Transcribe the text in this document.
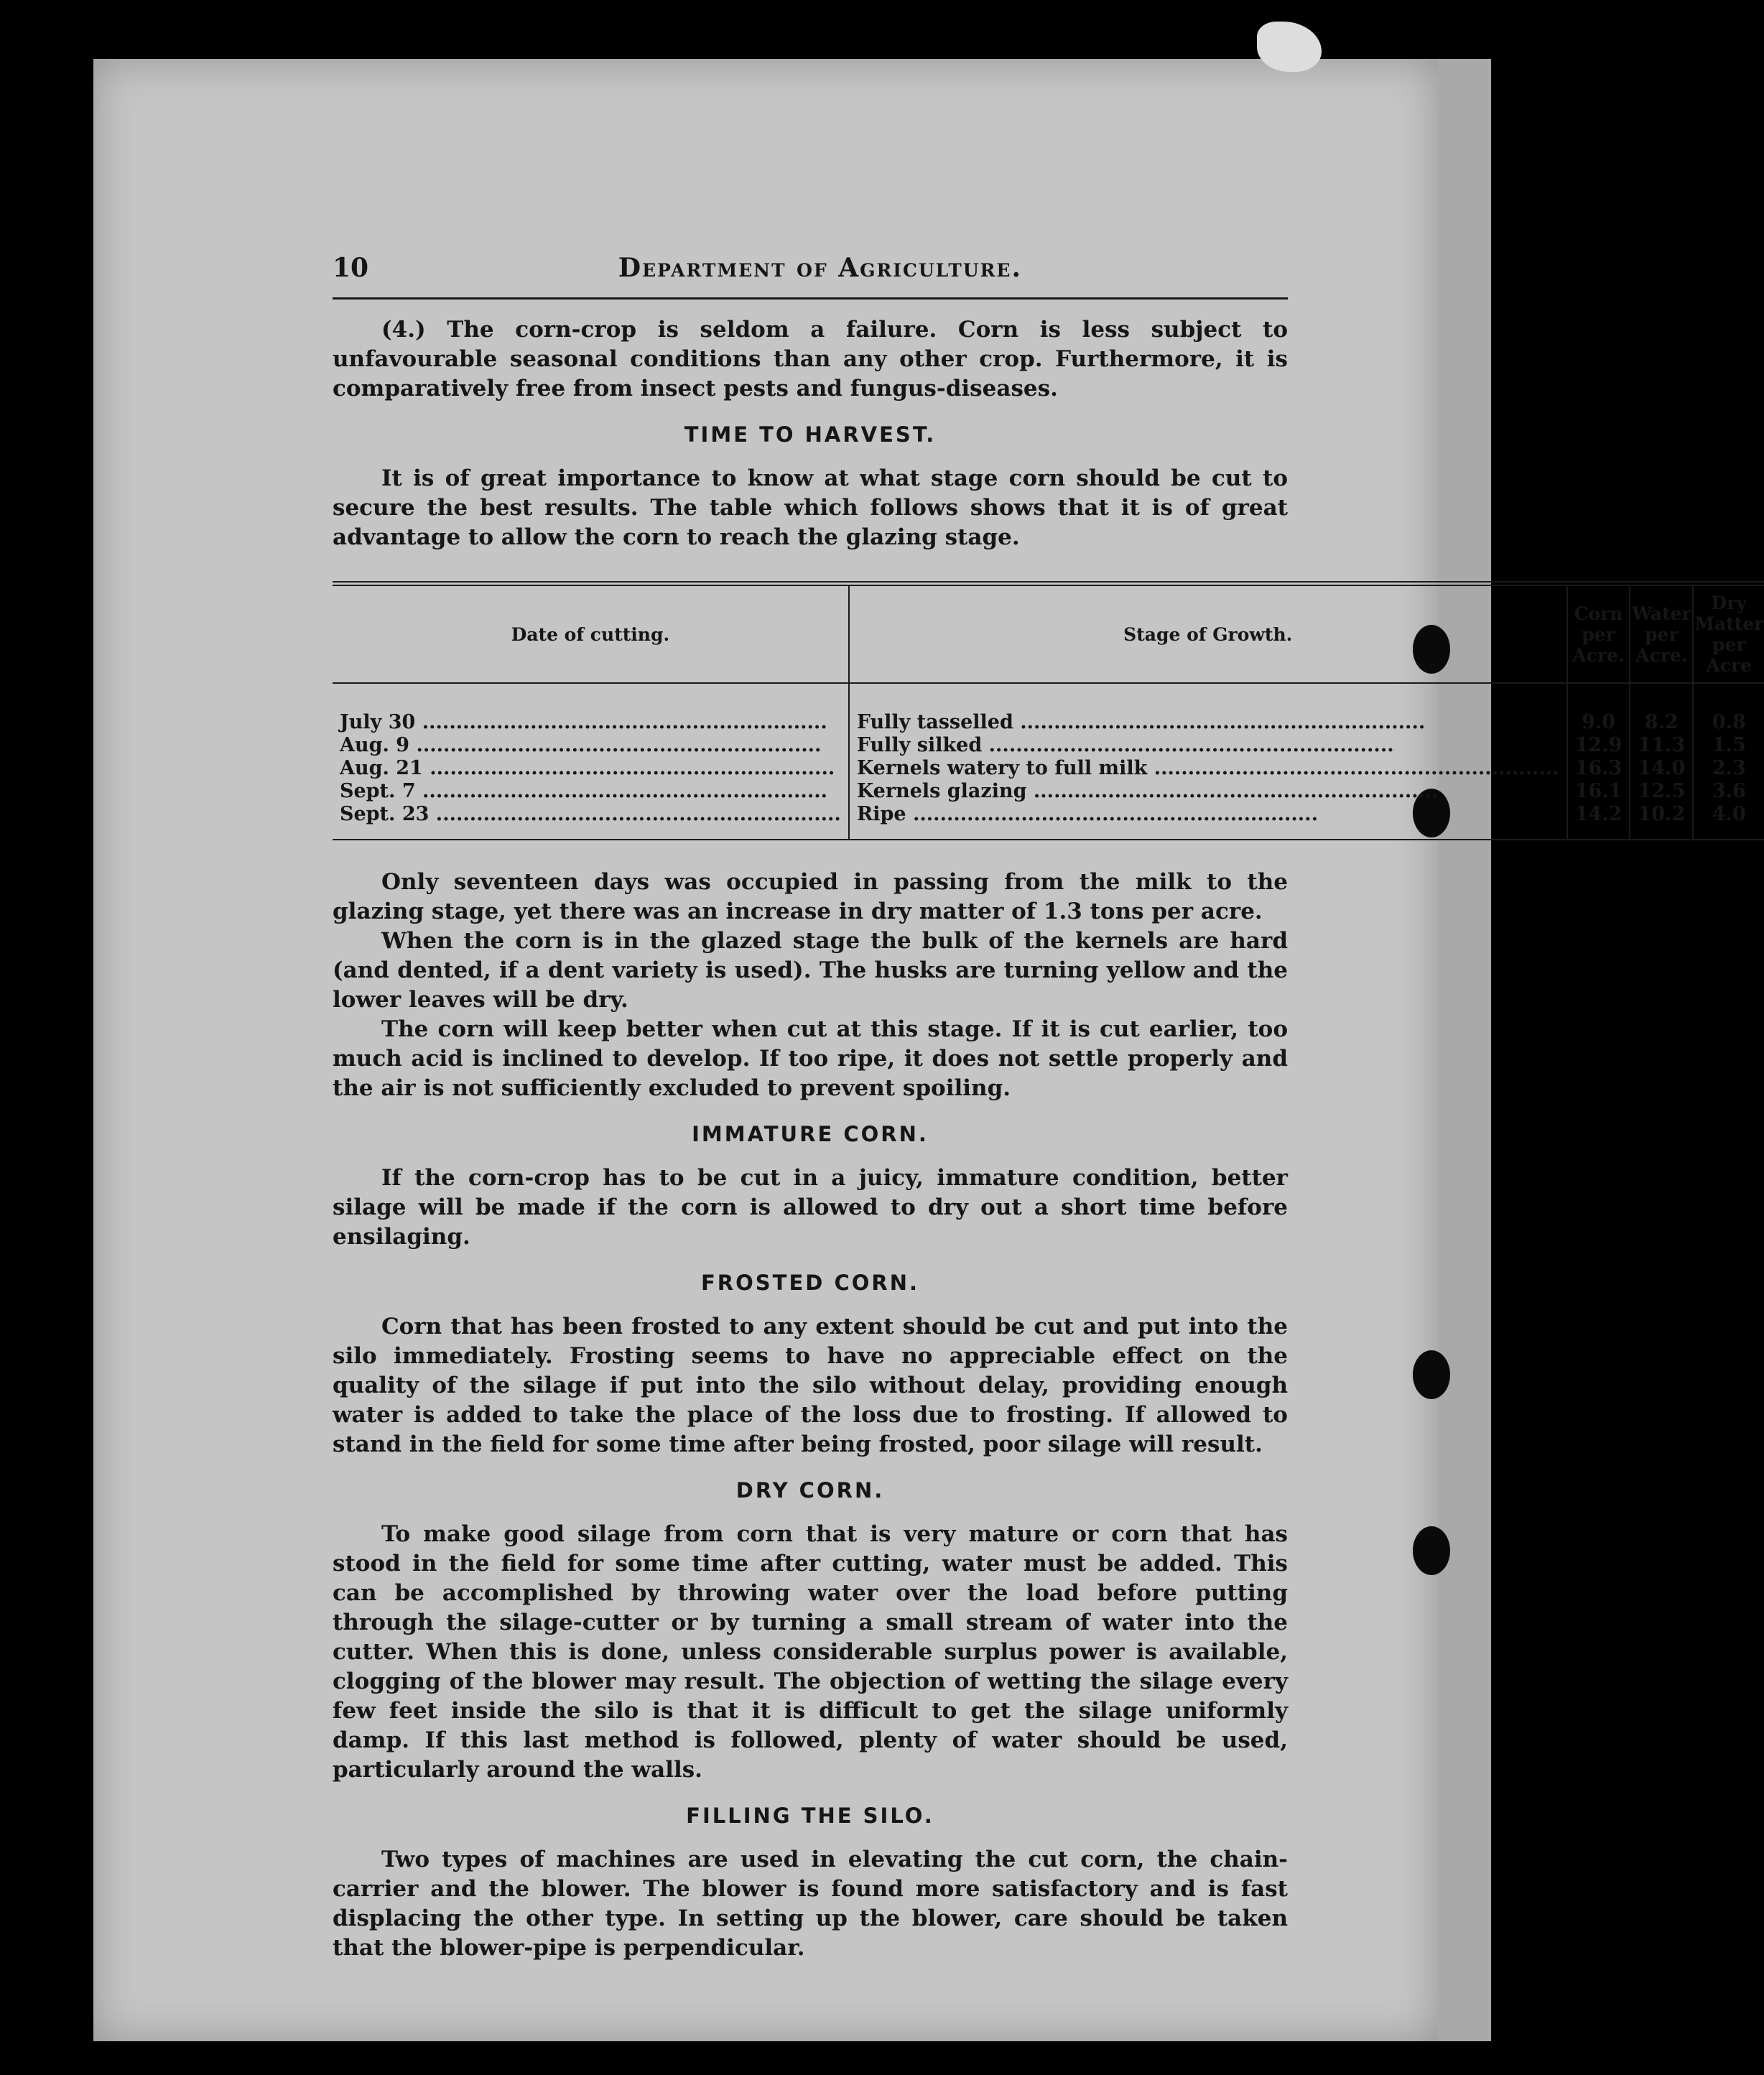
10	Department of Agriculture.

(4.) The corn-crop is seldom a failure. Corn is less subject to unfavourable seasonal conditions than any other crop. Furthermore, it is comparatively free from insect pests and fungus-diseases.

TIME TO HARVEST.

It is of great importance to know at what stage corn should be cut to secure the best results. The table which follows shows that it is of great advantage to allow the corn to reach the glazing stage.

Date of cutting.	Stage of Growth.	Corn per Acre.	Water per Acre.	Dry Matter per Acre
July 30 ............................................................	Fully tasselled ............................................................	9.0	8.2	0.8
Aug. 9 ............................................................	Fully silked ............................................................	12.9	11.3	1.5
Aug. 21 ............................................................	Kernels watery to full milk ............................................................	16.3	14.0	2.3
Sept. 7 ............................................................	Kernels glazing ............................................................	16.1	12.5	3.6
Sept. 23 ............................................................	Ripe ............................................................	14.2	10.2	4.0

Only seventeen days was occupied in passing from the milk to the glazing stage, yet there was an increase in dry matter of 1.3 tons per acre.

When the corn is in the glazed stage the bulk of the kernels are hard (and dented, if a dent variety is used). The husks are turning yellow and the lower leaves will be dry.

The corn will keep better when cut at this stage. If it is cut earlier, too much acid is inclined to develop. If too ripe, it does not settle properly and the air is not sufficiently excluded to prevent spoiling.

IMMATURE CORN.

If the corn-crop has to be cut in a juicy, immature condition, better silage will be made if the corn is allowed to dry out a short time before ensilaging.

FROSTED CORN.

Corn that has been frosted to any extent should be cut and put into the silo immediately. Frosting seems to have no appreciable effect on the quality of the silage if put into the silo without delay, providing enough water is added to take the place of the loss due to frosting. If allowed to stand in the field for some time after being frosted, poor silage will result.

DRY CORN.

To make good silage from corn that is very mature or corn that has stood in the field for some time after cutting, water must be added. This can be accomplished by throwing water over the load before putting through the silage-cutter or by turning a small stream of water into the cutter. When this is done, unless considerable surplus power is available, clogging of the blower may result. The objection of wetting the silage every few feet inside the silo is that it is difficult to get the silage uniformly damp. If this last method is followed, plenty of water should be used, particularly around the walls.

FILLING THE SILO.

Two types of machines are used in elevating the cut corn, the chain-carrier and the blower. The blower is found more satisfactory and is fast displacing the other type. In setting up the blower, care should be taken that the blower-pipe is perpendicular.
